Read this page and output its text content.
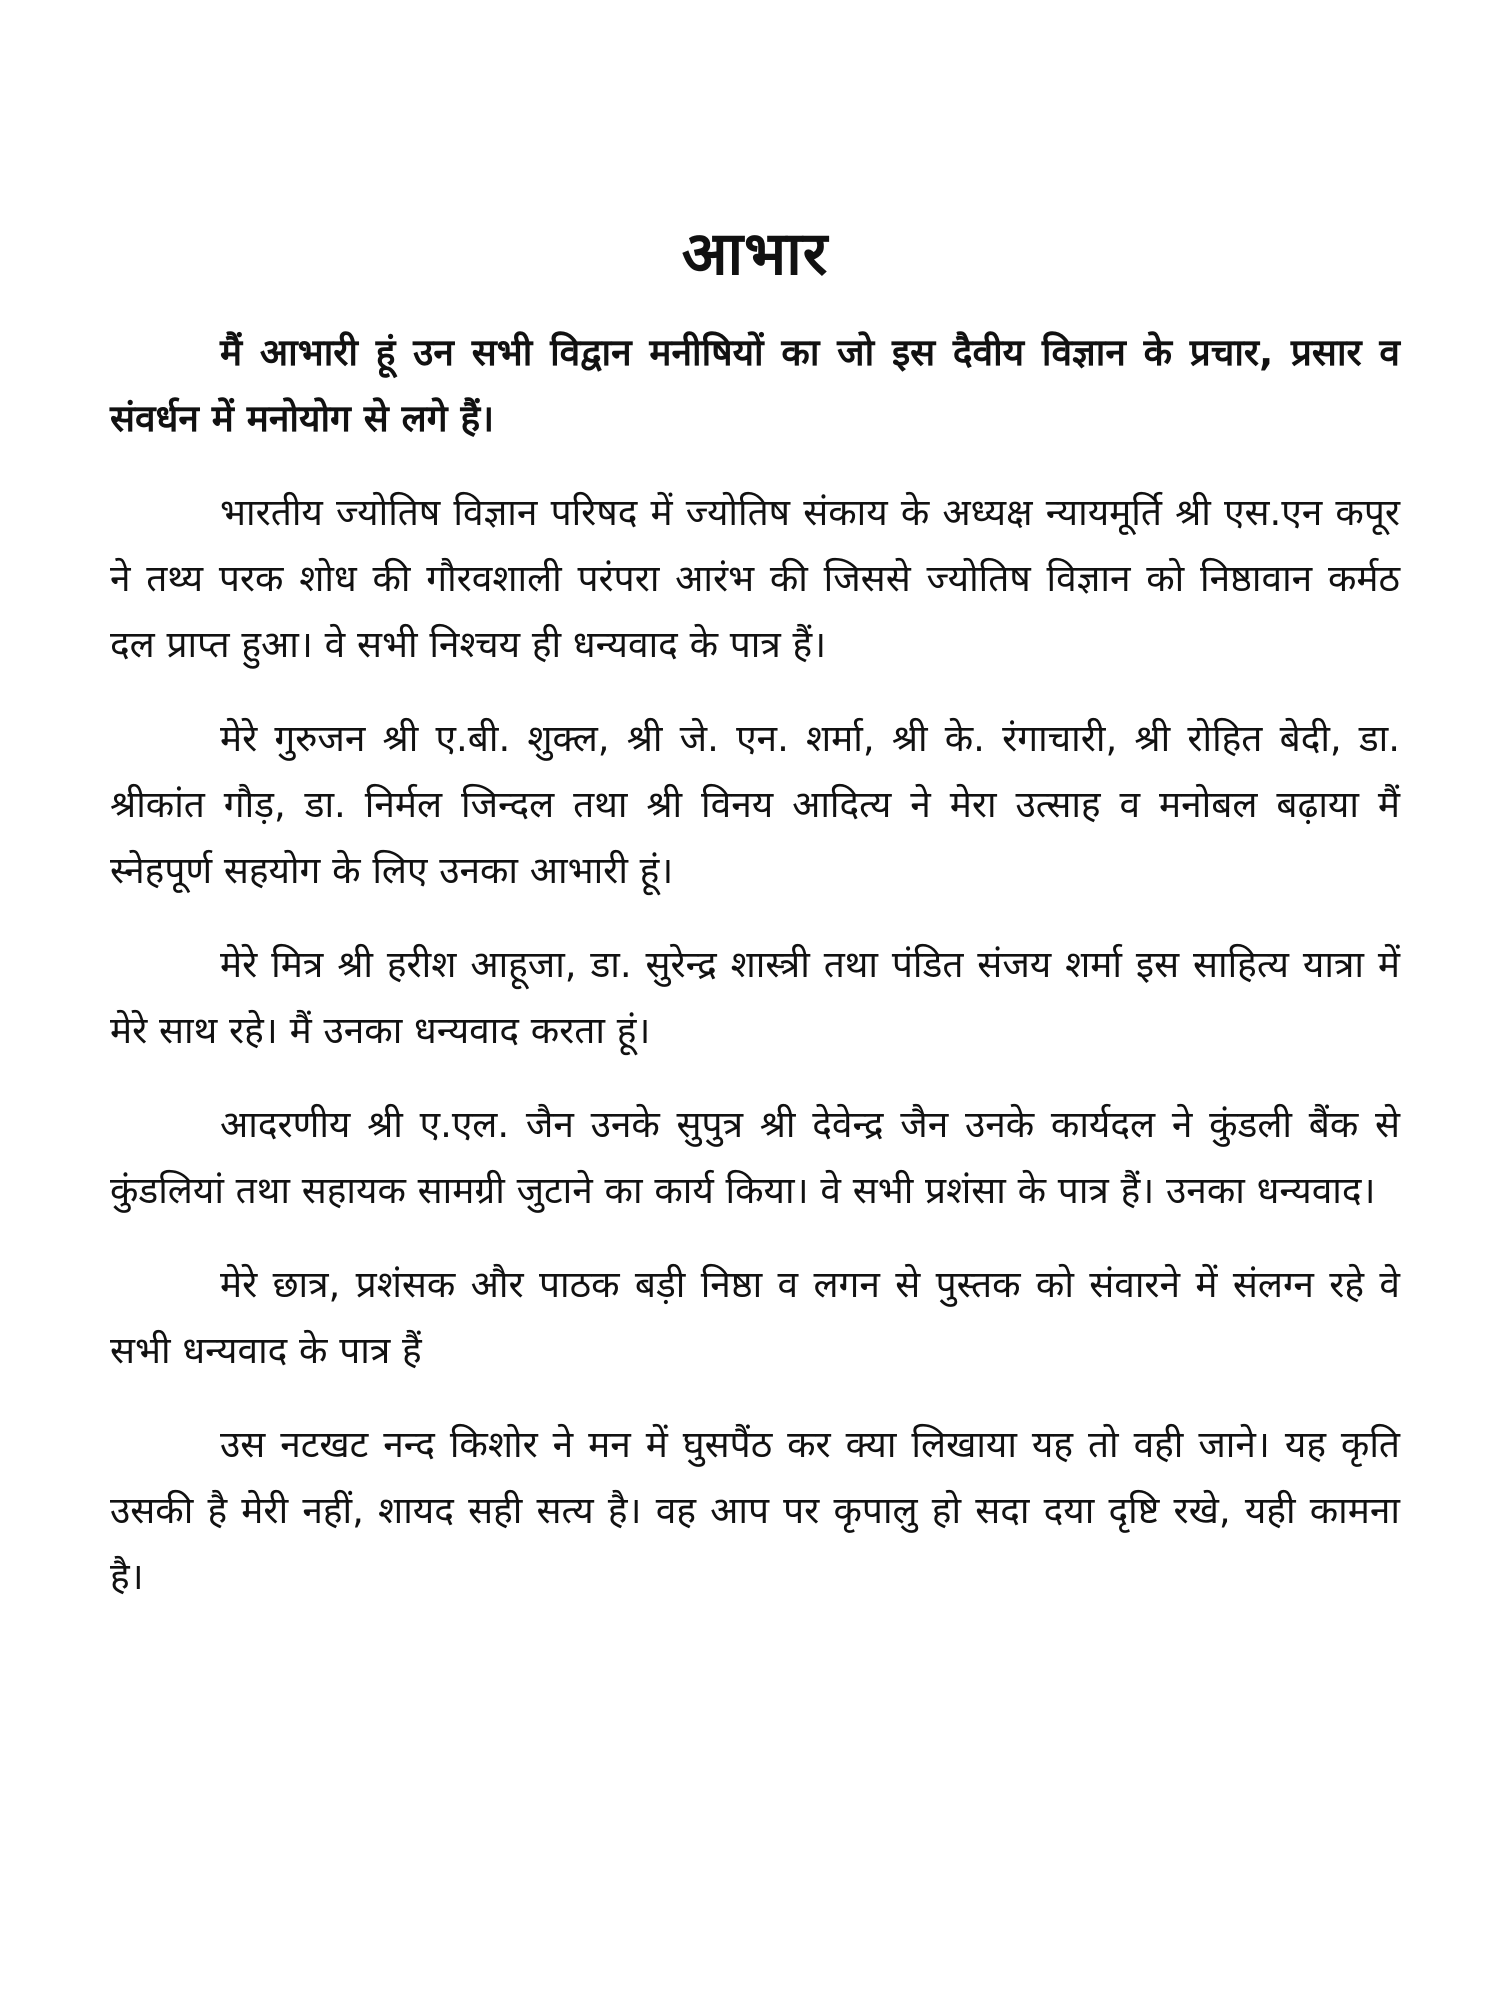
आभार

मैं आभारी हूं उन सभी विद्वान मनीषियों का जो इस दैवीय विज्ञान के प्रचार, प्रसार व संवर्धन में मनोयोग से लगे हैं।

भारतीय ज्योतिष विज्ञान परिषद में ज्योतिष संकाय के अध्यक्ष न्यायमूर्ति श्री एस.एन कपूर ने तथ्य परक शोध की गौरवशाली परंपरा आरंभ की जिससे ज्योतिष विज्ञान को निष्ठावान कर्मठ दल प्राप्त हुआ। वे सभी निश्चय ही धन्यवाद के पात्र हैं।

मेरे गुरुजन श्री ए.बी. शुक्ल, श्री जे. एन. शर्मा, श्री के. रंगाचारी, श्री रोहित बेदी, डा. श्रीकांत गौड़, डा. निर्मल जिन्दल तथा श्री विनय आदित्य ने मेरा उत्साह व मनोबल बढ़ाया मैं स्नेहपूर्ण सहयोग के लिए उनका आभारी हूं।

मेरे मित्र श्री हरीश आहूजा, डा. सुरेन्द्र शास्त्री तथा पंडित संजय शर्मा इस साहित्य यात्रा में मेरे साथ रहे। मैं उनका धन्यवाद करता हूं।

आदरणीय श्री ए.एल. जैन उनके सुपुत्र श्री देवेन्द्र जैन उनके कार्यदल ने कुंडली बैंक से कुंडलियां तथा सहायक सामग्री जुटाने का कार्य किया। वे सभी प्रशंसा के पात्र हैं। उनका धन्यवाद।

मेरे छात्र, प्रशंसक और पाठक बड़ी निष्ठा व लगन से पुस्तक को संवारने में संलग्न रहे वे सभी धन्यवाद के पात्र हैं

उस नटखट नन्द किशोर ने मन में घुसपैंठ कर क्या लिखाया यह तो वही जाने। यह कृति उसकी है मेरी नहीं, शायद सही सत्य है। वह आप पर कृपालु हो सदा दया दृष्टि रखे, यही कामना है।
